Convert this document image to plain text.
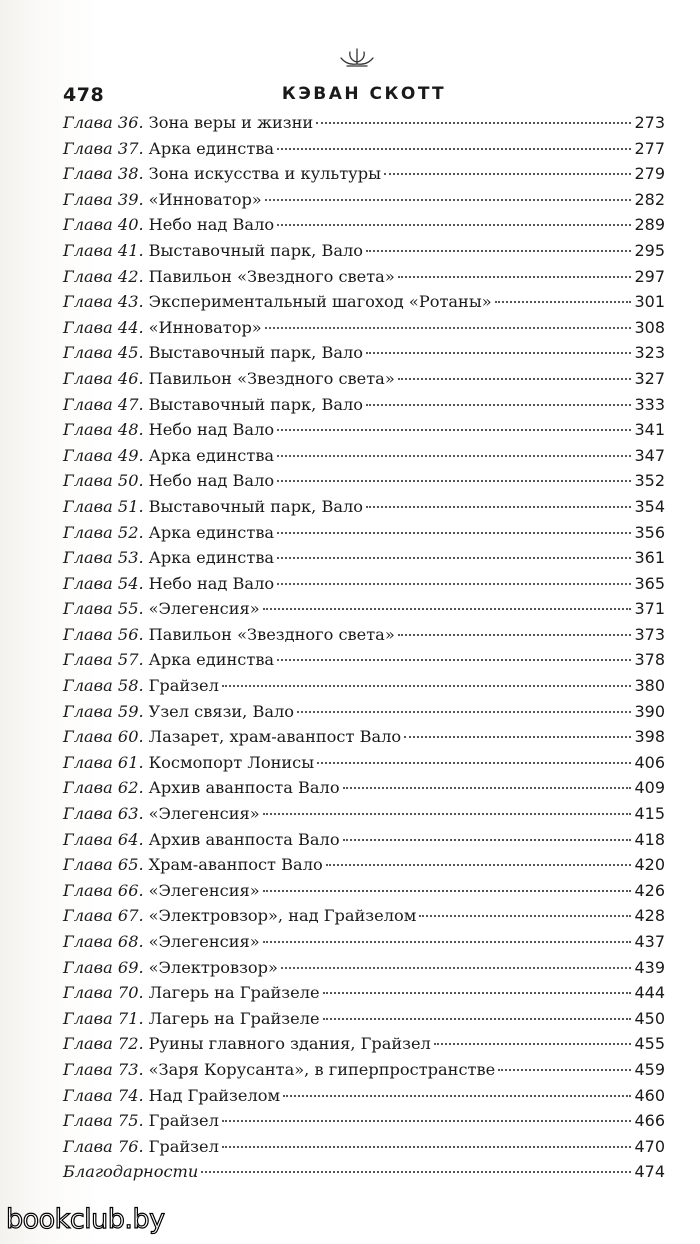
478	КЭВАН СКОТТ
Глава 36. Зона веры и жизни	273
Глава 37. Арка единства	277
Глава 38. Зона искусства и культуры	279
Глава 39. «Инноватор»	282
Глава 40. Небо над Вало	289
Глава 41. Выставочный парк, Вало	295
Глава 42. Павильон «Звездного света»	297
Глава 43. Экспериментальный шагоход «Ротаны»	301
Глава 44. «Инноватор»	308
Глава 45. Выставочный парк, Вало	323
Глава 46. Павильон «Звездного света»	327
Глава 47. Выставочный парк, Вало	333
Глава 48. Небо над Вало	341
Глава 49. Арка единства	347
Глава 50. Небо над Вало	352
Глава 51. Выставочный парк, Вало	354
Глава 52. Арка единства	356
Глава 53. Арка единства	361
Глава 54. Небо над Вало	365
Глава 55. «Элегенсия»	371
Глава 56. Павильон «Звездного света»	373
Глава 57. Арка единства	378
Глава 58. Грайзел	380
Глава 59. Узел связи, Вало	390
Глава 60. Лазарет, храм-аванпост Вало	398
Глава 61. Космопорт Лонисы	406
Глава 62. Архив аванпоста Вало	409
Глава 63. «Элегенсия»	415
Глава 64. Архив аванпоста Вало	418
Глава 65. Храм-аванпост Вало	420
Глава 66. «Элегенсия»	426
Глава 67. «Электровзор», над Грайзелом	428
Глава 68. «Элегенсия»	437
Глава 69. «Электровзор»	439
Глава 70. Лагерь на Грайзеле	444
Глава 71. Лагерь на Грайзеле	450
Глава 72. Руины главного здания, Грайзел	455
Глава 73. «Заря Корусанта», в гиперпространстве	459
Глава 74. Над Грайзелом	460
Глава 75. Грайзел	466
Глава 76. Грайзел	470
Благодарности	474
bookclub.by
